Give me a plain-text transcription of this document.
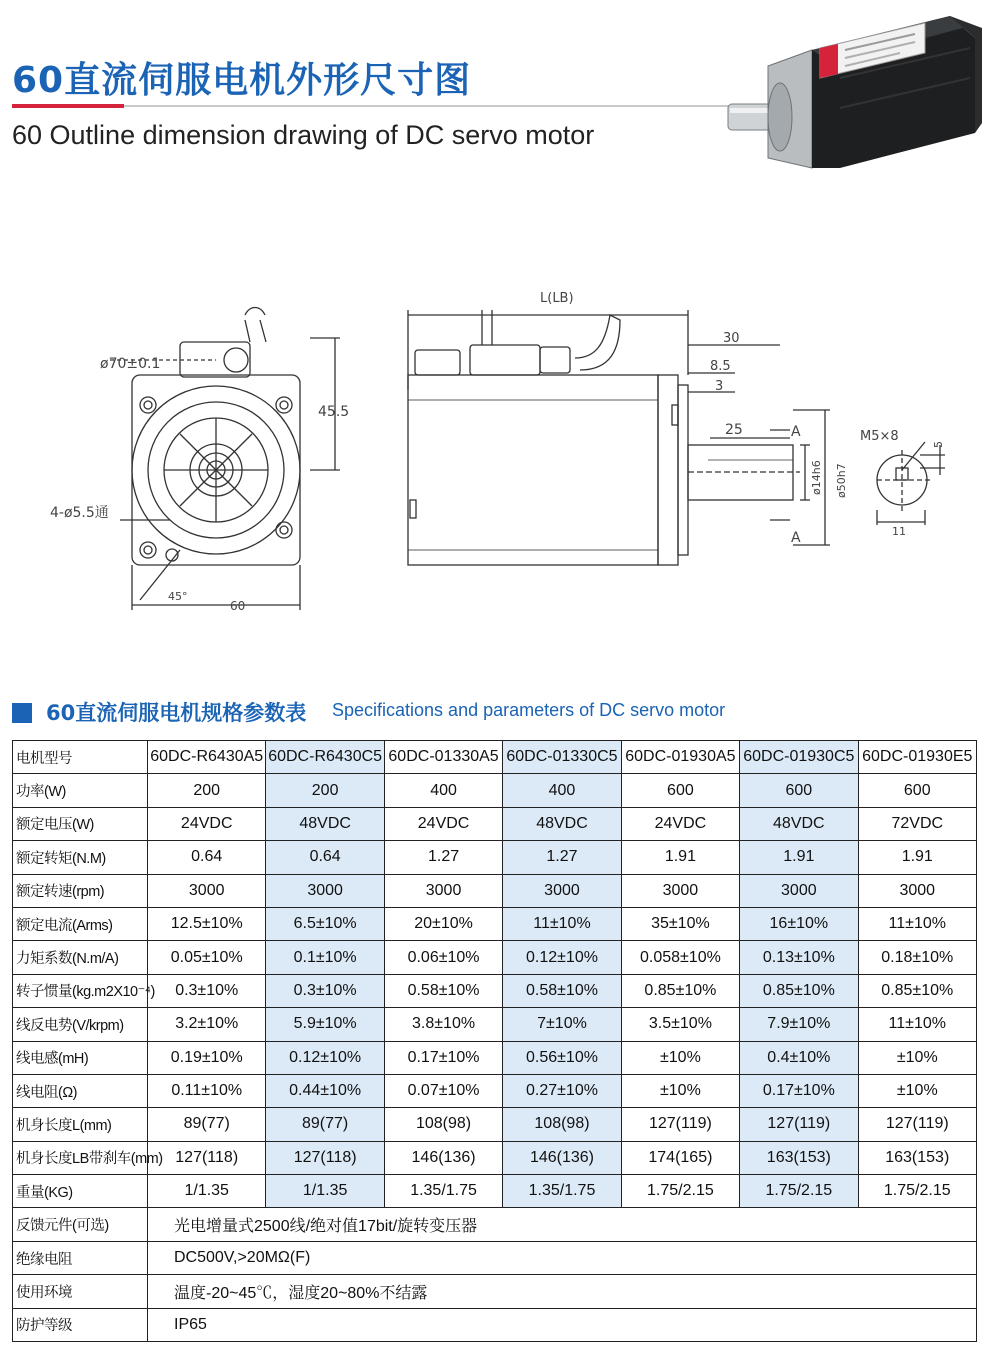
60直流伺服电机外形尺寸图
60 Outline dimension drawing of DC servo motor
ø70±0.1
45.5
4-ø5.5通
45°
60
L(LB)
30
8.5
3
25	A
A
ø14h6 ø50h7
M5×8
5
11
60直流伺服电机规格参数表 Specifications and parameters of DC servo motor
电机型号	60DC-R6430A5	60DC-R6430C5	60DC-01330A5	60DC-01330C5	60DC-01930A5	60DC-01930C5	60DC-01930E5
功率(W)	200	200	400	400	600	600	600
额定电压(W)	24VDC	48VDC	24VDC	48VDC	24VDC	48VDC	72VDC
额定转矩(N.M)	0.64	0.64	1.27	1.27	1.91	1.91	1.91
额定转速(rpm)	3000	3000	3000	3000	3000	3000	3000
额定电流(Arms)	12.5±10%	6.5±10%	20±10%	11±10%	35±10%	16±10%	11±10%
力矩系数(N.m/A)	0.05±10%	0.1±10%	0.06±10%	0.12±10%	0.058±10%	0.13±10%	0.18±10%
转子惯量(kg.m2X10⁻⁴)	0.3±10%	0.3±10%	0.58±10%	0.58±10%	0.85±10%	0.85±10%	0.85±10%
线反电势(V/krpm)	3.2±10%	5.9±10%	3.8±10%	7±10%	3.5±10%	7.9±10%	11±10%
线电感(mH)	0.19±10%	0.12±10%	0.17±10%	0.56±10%	±10%	0.4±10%	±10%
线电阻(Ω)	0.11±10%	0.44±10%	0.07±10%	0.27±10%	±10%	0.17±10%	±10%
机身长度L(mm)	89(77)	89(77)	108(98)	108(98)	127(119)	127(119)	127(119)
机身长度LB带刹车(mm)	127(118)	127(118)	146(136)	146(136)	174(165)	163(153)	163(153)
重量(KG)	1/1.35	1/1.35	1.35/1.75	1.35/1.75	1.75/2.15	1.75/2.15	1.75/2.15
反馈元件(可选)	光电增量式2500线/绝对值17bit/旋转变压器						
绝缘电阻	DC500V,>20MΩ(F)						
使用环境	温度-20~45℃，湿度20~80%不结露						
防护等级	IP65						
